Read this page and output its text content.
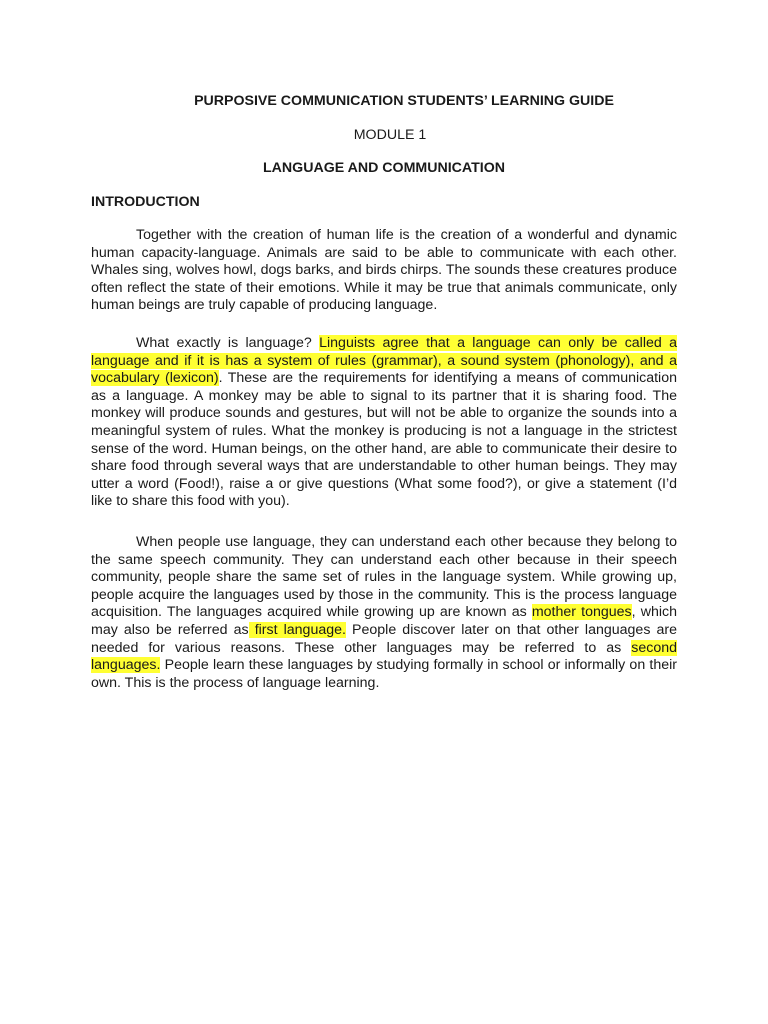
PURPOSIVE COMMUNICATION STUDENTS’ LEARNING GUIDE
MODULE 1
LANGUAGE AND COMMUNICATION
INTRODUCTION

Together with the creation of human life is the creation of a wonderful and dynamic human capacity-language. Animals are said to be able to communicate with each other. Whales sing, wolves howl, dogs barks, and birds chirps. The sounds these creatures produce often reflect the state of their emotions. While it may be true that animals communicate, only human beings are truly capable of producing language.

What exactly is language? Linguists agree that a language can only be called a language and if it is has a system of rules (grammar), a sound system (phonology), and a vocabulary (lexicon). These are the requirements for identifying a means of communication as a language. A monkey may be able to signal to its partner that it is sharing food. The monkey will produce sounds and gestures, but will not be able to organize the sounds into a meaningful system of rules. What the monkey is producing is not a language in the strictest sense of the word. Human beings, on the other hand, are able to communicate their desire to share food through several ways that are understandable to other human beings. They may utter a word (Food!), raise a or give questions (What some food?), or give a statement (I’d like to share this food with you).

When people use language, they can understand each other because they belong to the same speech community. They can understand each other because in their speech community, people share the same set of rules in the language system. While growing up, people acquire the languages used by those in the community. This is the process language acquisition. The languages acquired while growing up are known as mother tongues, which may also be referred as first language. People discover later on that other languages are needed for various reasons. These other languages may be referred to as second languages. People learn these languages by studying formally in school or informally on their own. This is the process of language learning.
